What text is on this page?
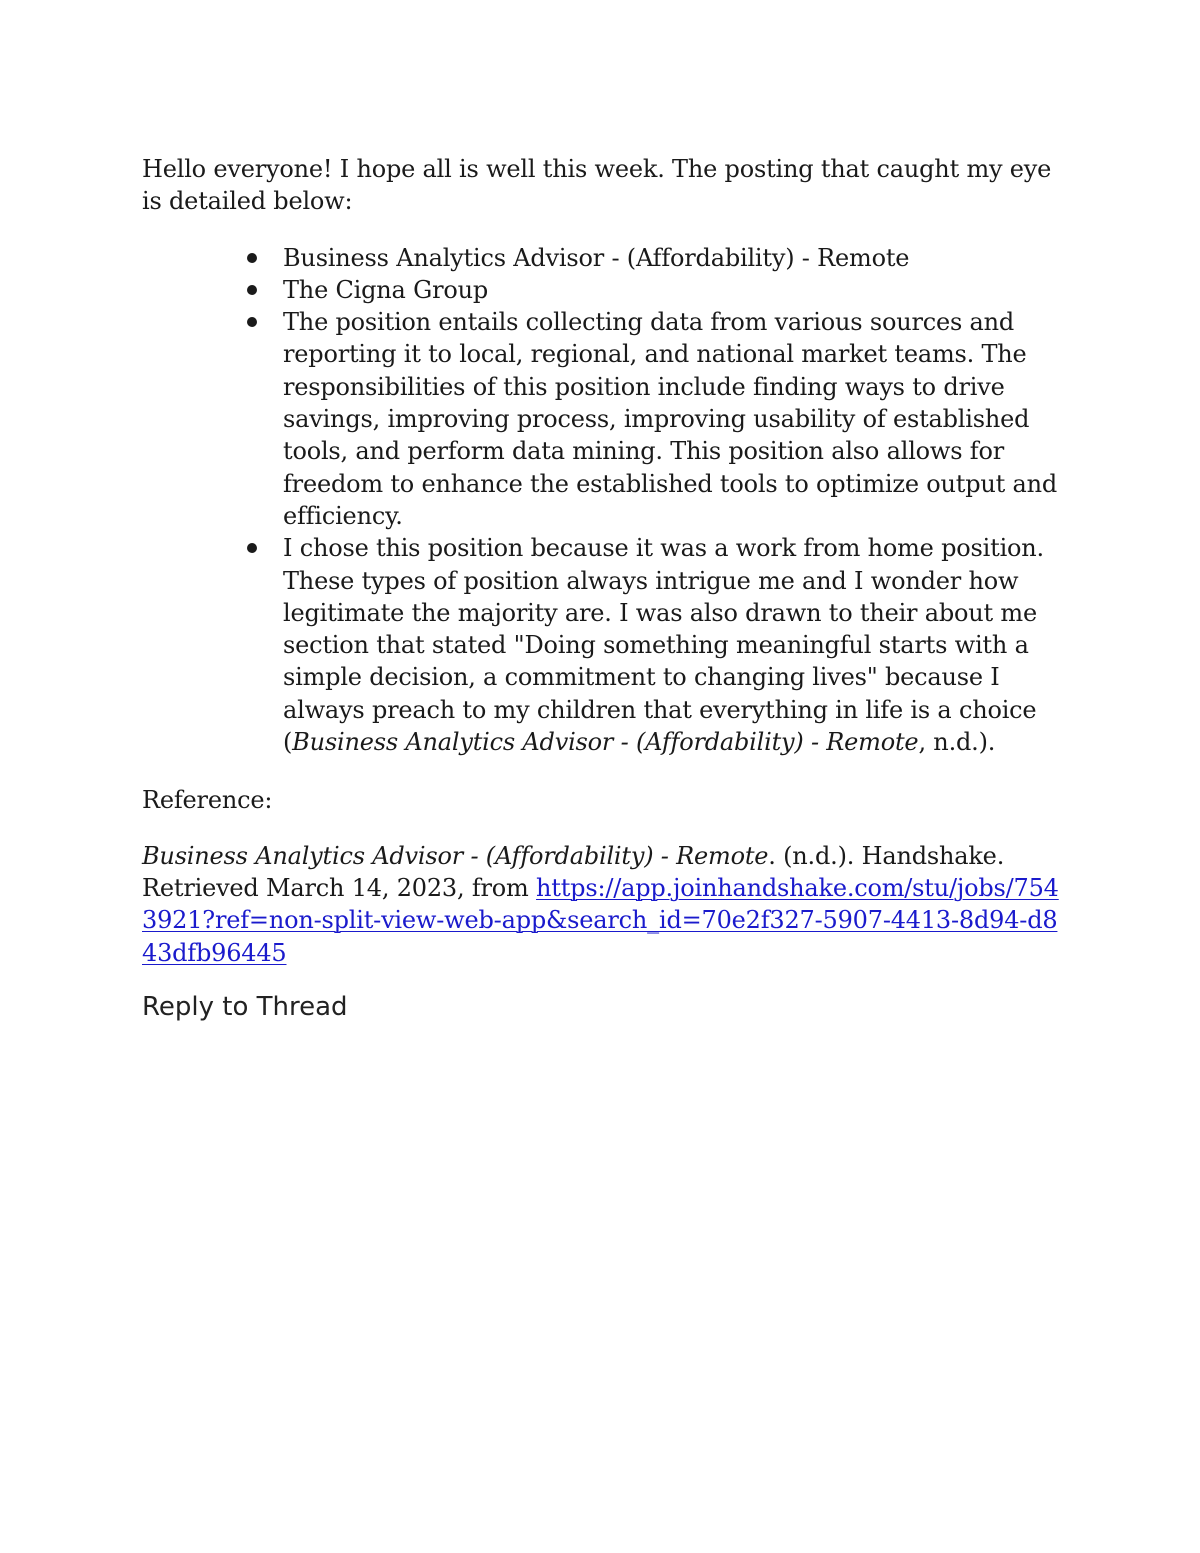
Hello everyone! I hope all is well this week. The posting that caught my eye is detailed below:

Business Analytics Advisor - (Affordability) - Remote
The Cigna Group
The position entails collecting data from various sources and reporting it to local, regional, and national market teams. The responsibilities of this position include finding ways to drive savings, improving process, improving usability of established tools, and perform data mining. This position also allows for freedom to enhance the established tools to optimize output and efficiency.
I chose this position because it was a work from home position. These types of position always intrigue me and I wonder how legitimate the majority are. I was also drawn to their about me section that stated "Doing something meaningful starts with a simple decision, a commitment to changing lives" because I always preach to my children that everything in life is a choice (Business Analytics Advisor - (Affordability) - Remote, n.d.).

Reference:

Business Analytics Advisor - (Affordability) - Remote. (n.d.). Handshake. Retrieved March 14, 2023, from https://app.joinhandshake.com/stu/jobs/7543921?ref=non-split-view-web-app&search_id=70e2f327-5907-4413-8d94-d843dfb96445

Reply to Thread
